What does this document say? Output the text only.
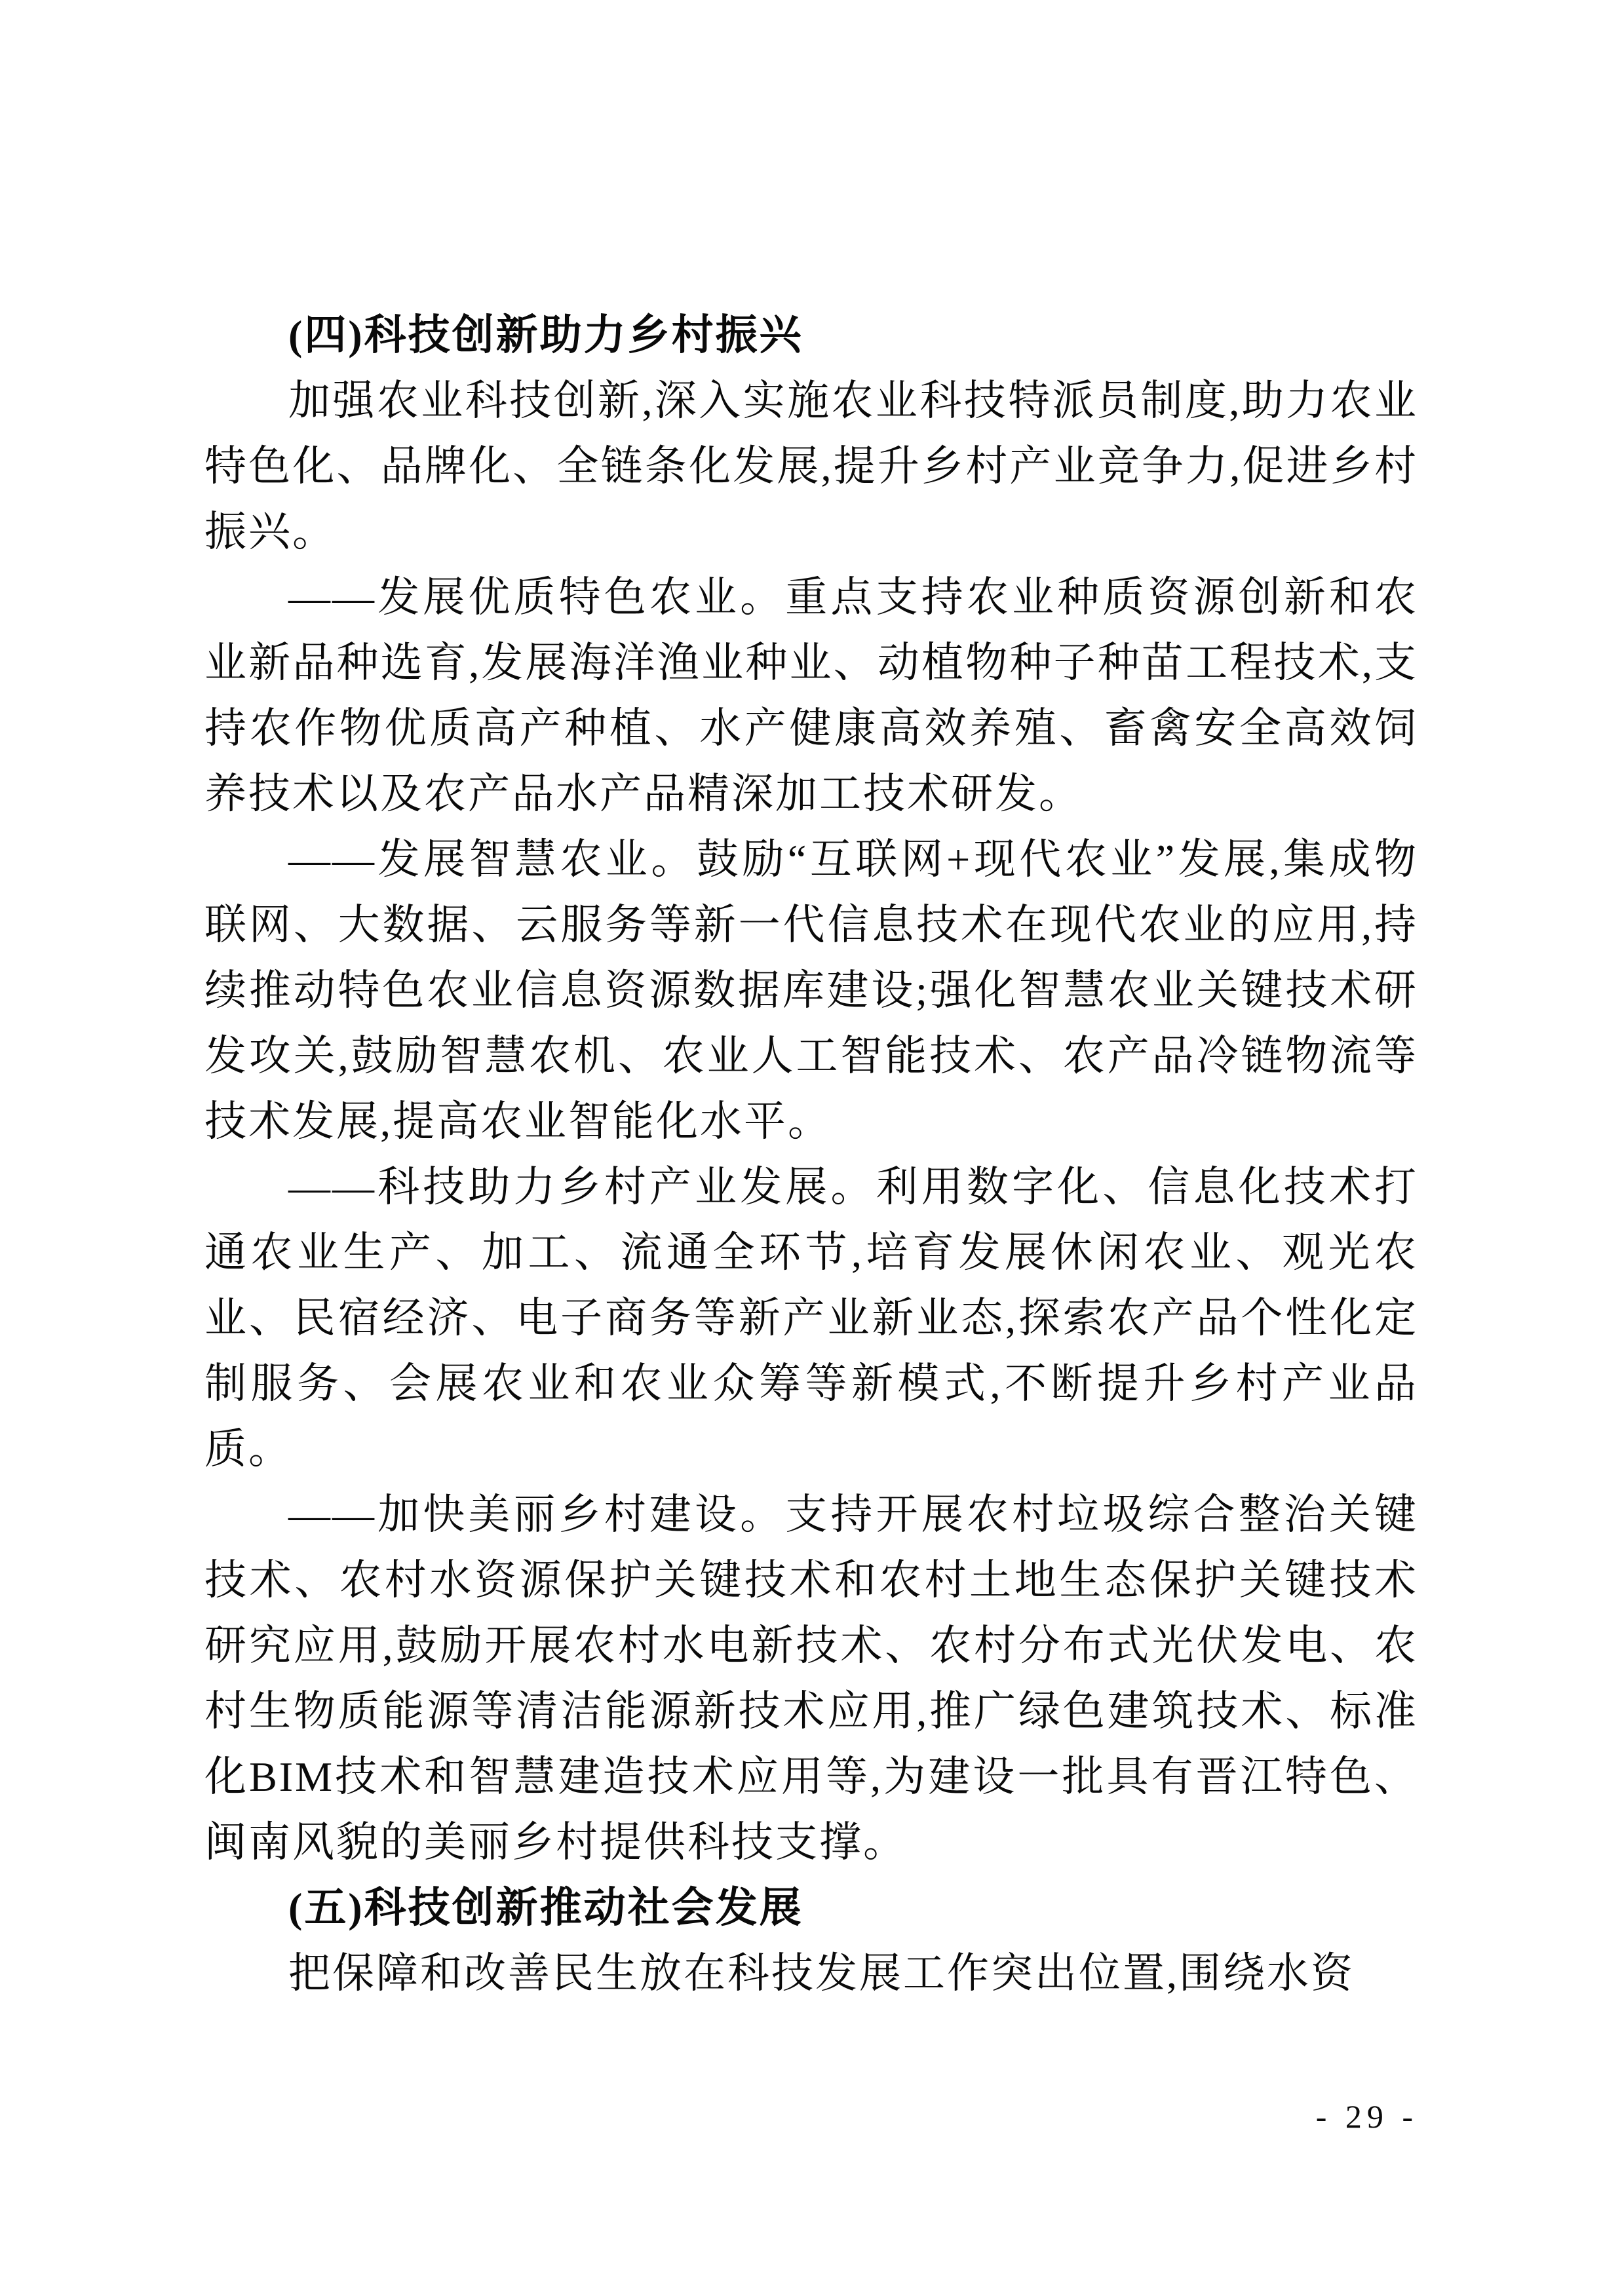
(四)科技创新助力乡村振兴

加强农业科技创新,深入实施农业科技特派员制度,助力农业特色化、品牌化、全链条化发展,提升乡村产业竞争力,促进乡村振兴。

——发展优质特色农业。重点支持农业种质资源创新和农业新品种选育,发展海洋渔业种业、动植物种子种苗工程技术,支持农作物优质高产种植、水产健康高效养殖、畜禽安全高效饲养技术以及农产品水产品精深加工技术研发。

——发展智慧农业。鼓励“互联网+现代农业”发展,集成物联网、大数据、云服务等新一代信息技术在现代农业的应用,持续推动特色农业信息资源数据库建设;强化智慧农业关键技术研发攻关,鼓励智慧农机、农业人工智能技术、农产品冷链物流等技术发展,提高农业智能化水平。

——科技助力乡村产业发展。利用数字化、信息化技术打通农业生产、加工、流通全环节,培育发展休闲农业、观光农业、民宿经济、电子商务等新产业新业态,探索农产品个性化定制服务、会展农业和农业众筹等新模式,不断提升乡村产业品质。

——加快美丽乡村建设。支持开展农村垃圾综合整治关键技术、农村水资源保护关键技术和农村土地生态保护关键技术研究应用,鼓励开展农村水电新技术、农村分布式光伏发电、农村生物质能源等清洁能源新技术应用,推广绿色建筑技术、标准化BIM技术和智慧建造技术应用等,为建设一批具有晋江特色、闽南风貌的美丽乡村提供科技支撑。

(五)科技创新推动社会发展

把保障和改善民生放在科技发展工作突出位置,围绕水资

- 29 -
